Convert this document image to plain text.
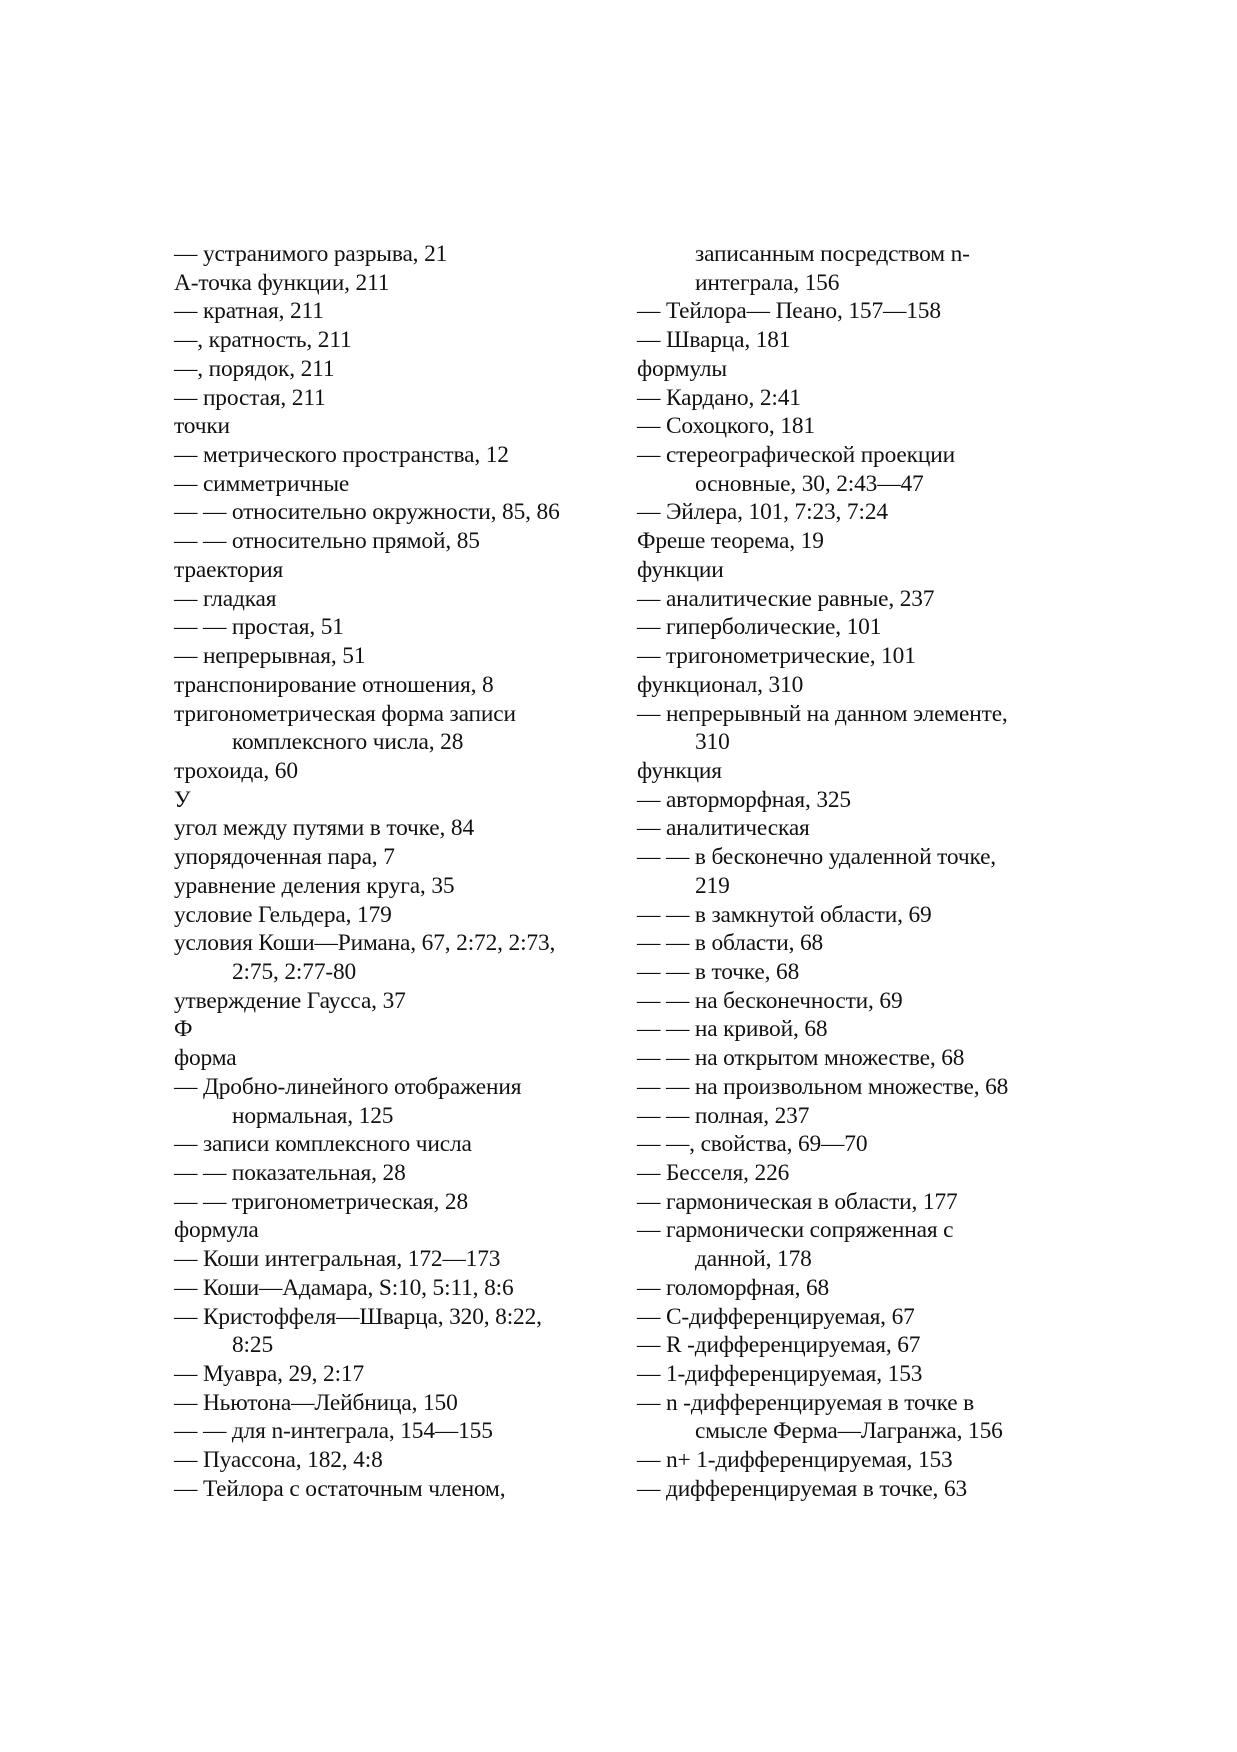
— устранимого разрыва, 21
A-точка функции, 211
— кратная, 211
—, кратность, 211
—, порядок, 211
— простая, 211
точки
— метрического пространства, 12
— симметричные
— — относительно окружности, 85, 86
— — относительно прямой, 85
траектория
— гладкая
— — простая, 51
— непрерывная, 51
транспонирование отношения, 8
тригонометрическая форма записи
комплексного числа, 28
трохоида, 60
У
угол между путями в точке, 84
упорядоченная пара, 7
уравнение деления круга, 35
условие Гельдера, 179
условия Коши—Римана, 67, 2:72, 2:73,
2:75, 2:77-80
утверждение Гаусса, 37
Ф
форма
— Дробно-линейного отображения
нормальная, 125
— записи комплексного числа
— — показательная, 28
— — тригонометрическая, 28
формула
— Коши интегральная, 172—173
— Коши—Адамара, S:10, 5:11, 8:6
— Кристоффеля—Шварца, 320, 8:22,
8:25
— Муавра, 29, 2:17
— Ньютона—Лейбница, 150
— — для n-интеграла, 154—155
— Пуассона, 182, 4:8
— Тейлора с остаточным членом,
записанным посредством n-
интеграла, 156
— Тейлора— Пеано, 157—158
— Шварца, 181
формулы
— Кардано, 2:41
— Сохоцкого, 181
— стереографической проекции
основные, 30, 2:43—47
— Эйлера, 101, 7:23, 7:24
Фреше теорема, 19
функции
— аналитические равные, 237
— гиперболические, 101
— тригонометрические, 101
функционал, 310
— непрерывный на данном элементе,
310
функция
— авторморфная, 325
— аналитическая
— — в бесконечно удаленной точке,
219
— — в замкнутой области, 69
— — в области, 68
— — в точке, 68
— — на бесконечности, 69
— — на кривой, 68
— — на открытом множестве, 68
— — на произвольном множестве, 68
— — полная, 237
— —, свойства, 69—70
— Бесселя, 226
— гармоническая в области, 177
— гармонически сопряженная с
данной, 178
— голоморфная, 68
— C-дифференцируемая, 67
— R -дифференцируемая, 67
— 1-дифференцируемая, 153
— n -дифференцируемая в точке в
смысле Ферма—Лагранжа, 156
— n+ 1-дифференцируемая, 153
— дифференцируемая в точке, 63
